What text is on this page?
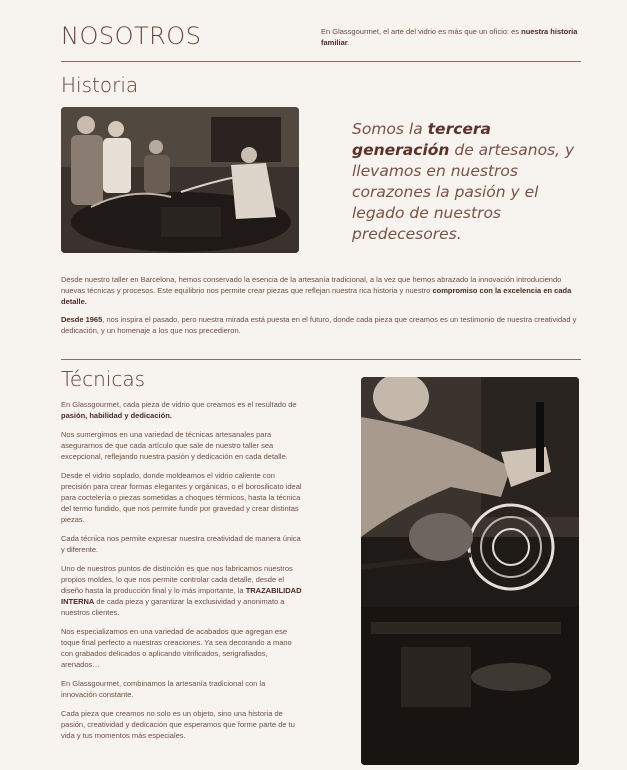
NOSOTROS	En Glassgourmet, el arte del vidrio es más que un oficio: es nuestra historia familiar.
Historia
Somos la tercera generación de artesanos, y llevamos en nuestros corazones la pasión y el legado de nuestros predecesores.
Desde nuestro taller en Barcelona, hemos conservado la esencia de la artesanía tradicional, a la vez que hemos abrazado la innovación introduciendo nuevas técnicas y procesos. Este equilibrio nos permite crear piezas que reflejan nuestra rica historia y nuestro compromiso con la excelencia en cada detalle.
Desde 1965, nos inspira el pasado, pero nuestra mirada está puesta en el futuro, donde cada pieza que creamos es un testimonio de nuestra creatividad y dedicación, y un homenaje a los que nos precedieron.
Técnicas

En Glassgourmet, cada pieza de vidrio que creamos es el resultado de pasión, habilidad y dedicación.

Nos sumergimos en una variedad de técnicas artesanales para asegurarnos de que cada artículo que sale de nuestro taller sea excepcional, reflejando nuestra pasión y dedicación en cada detalle.

Desde el vidrio soplado, donde moldeamos el vidrio caliente con precisión para crear formas elegantes y orgánicas, o el borosilicato ideal para coctelería o piezas sometidas a choques térmicos, hasta la técnica del termo fundido, que nos permite fundir por gravedad y crear distintas piezas.

Cada técnica nos permite expresar nuestra creatividad de manera única y diferente.

Uno de nuestros puntos de distinción es que nos fabricamos nuestros propios moldes, lo que nos permite controlar cada detalle, desde el diseño hasta la producción final y lo más importante, la TRAZABILIDAD INTERNA de cada pieza y garantizar la exclusividad y anonimato a nuestros clientes.

Nos especializamos en una variedad de acabados que agregan ese toque final perfecto a nuestras creaciones. Ya sea decorando a mano con grabados delicados o aplicando vitrificados, serigrafiados, arenados…

En Glassgourmet, combinamos la artesanía tradicional con la innovación constante.

Cada pieza que creamos no solo es un objeto, sino una historia de pasión, creatividad y dedicación que esperamos que forme parte de tu vida y tus momentos más especiales.
